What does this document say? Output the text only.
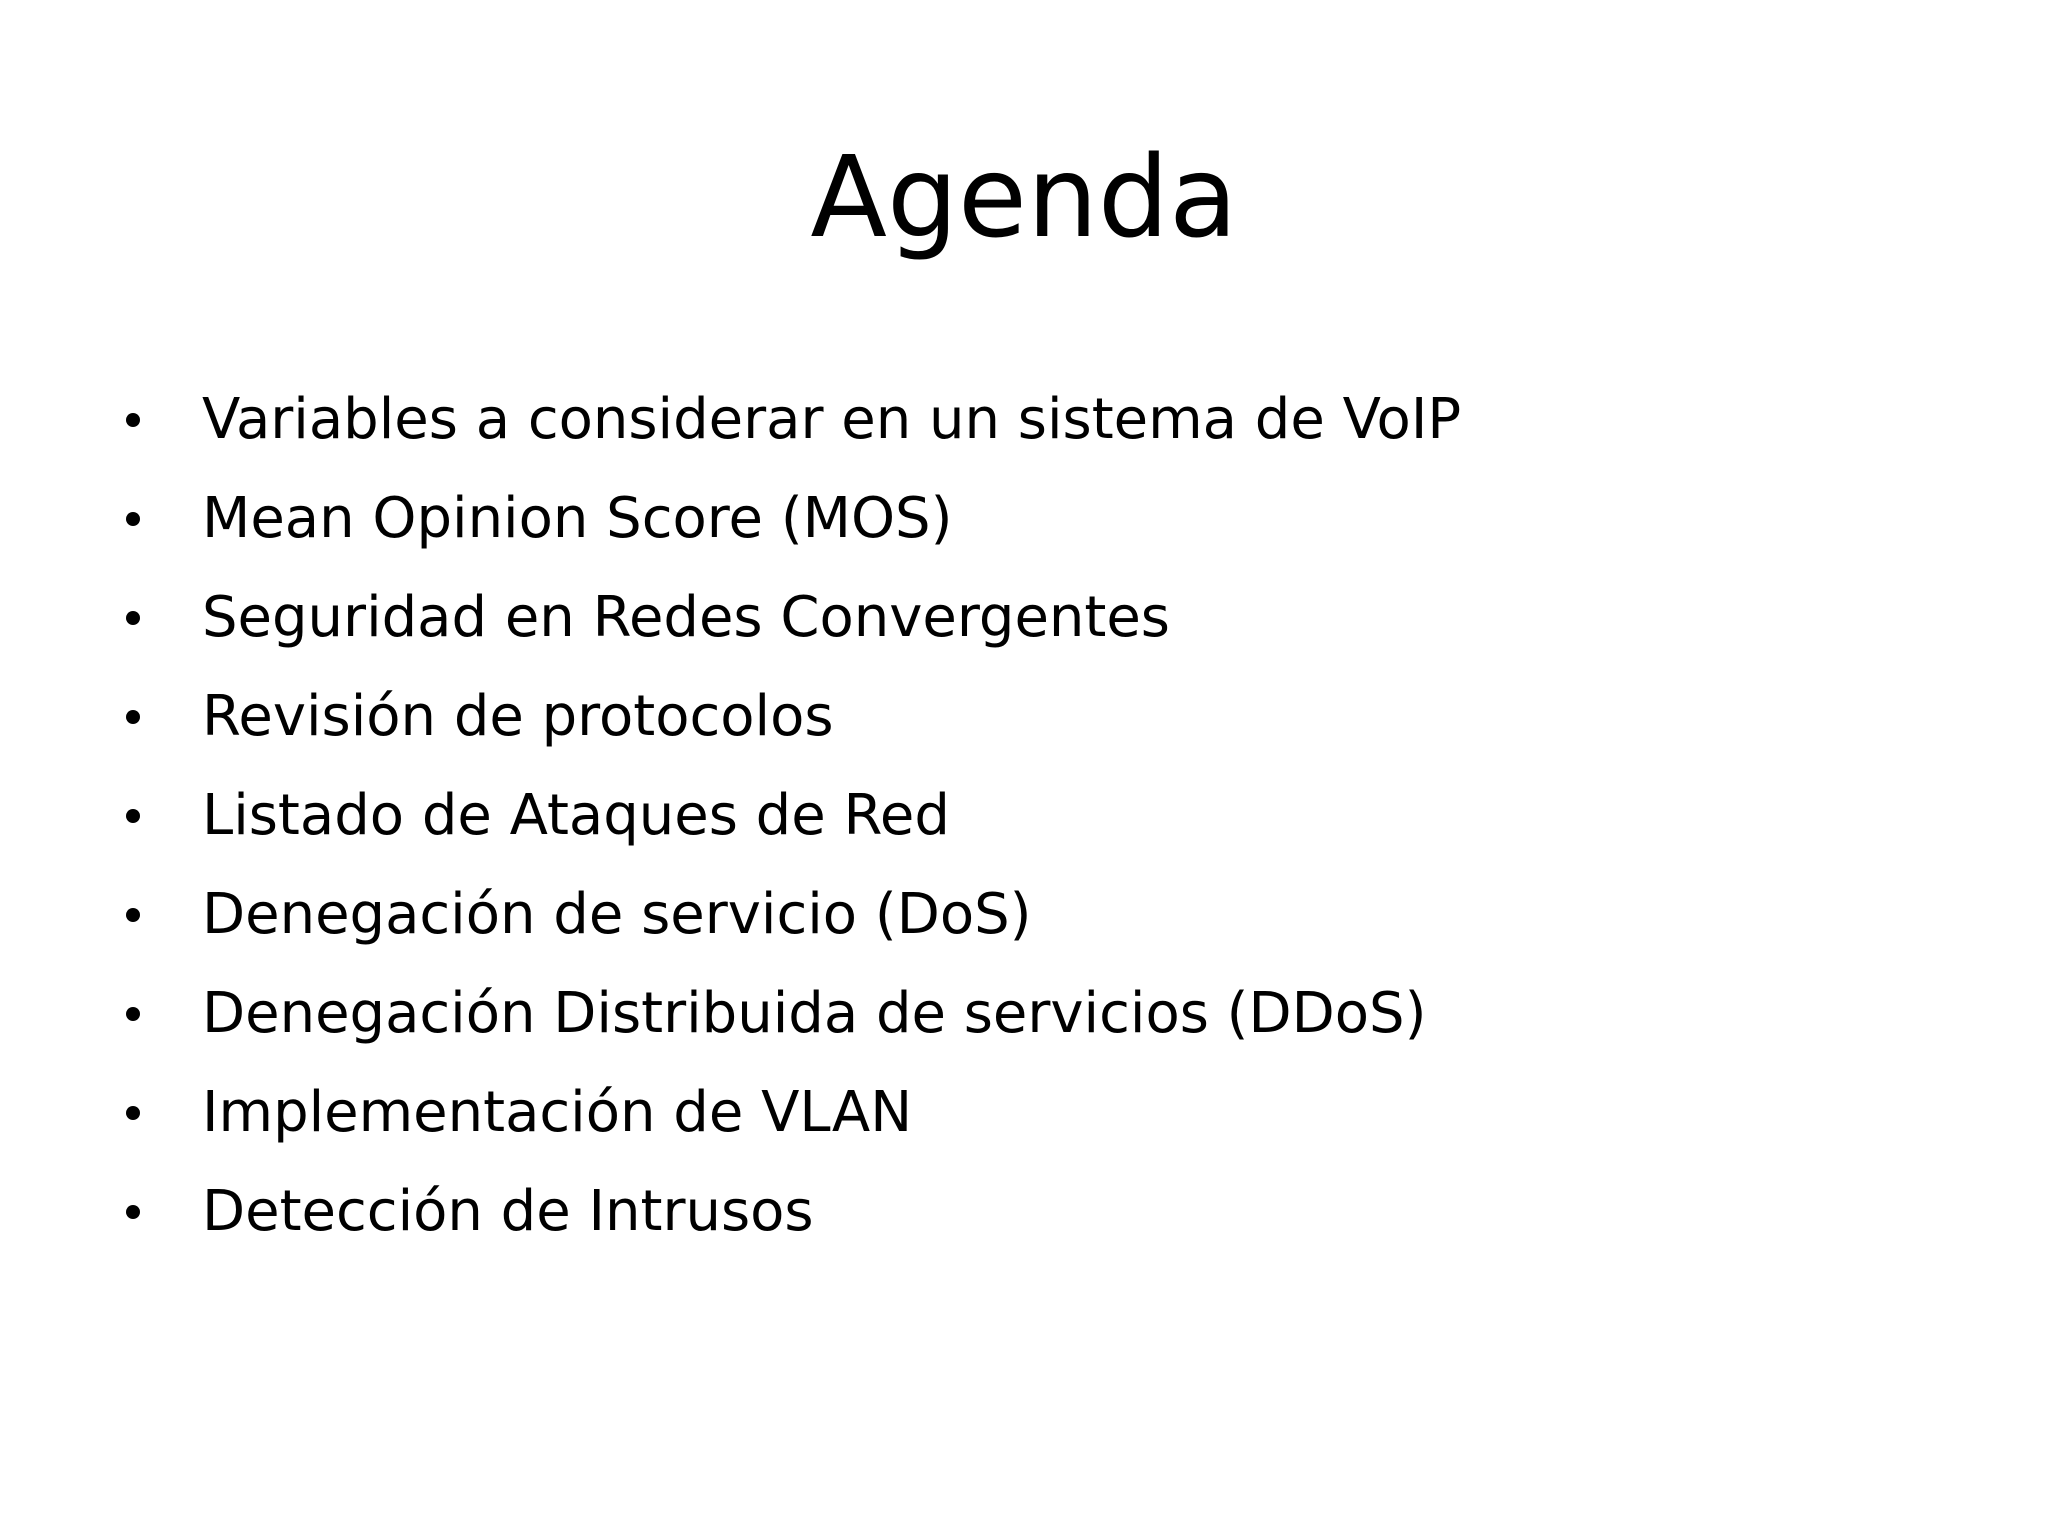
Agenda
Variables a considerar en un sistema de VoIP
Mean Opinion Score (MOS)
Seguridad en Redes Convergentes
Revisión de protocolos
Listado de Ataques de Red
Denegación de servicio (DoS)
Denegación Distribuida de servicios (DDoS)
Implementación de VLAN
Detección de Intrusos
